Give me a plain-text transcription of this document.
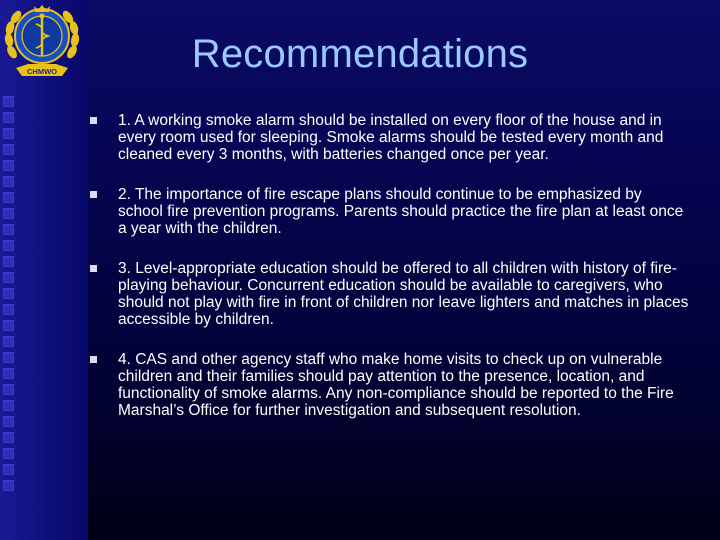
CHMWO	Recommendations
1. A working smoke alarm should be installed on every floor of the house and in every room used for sleeping. Smoke alarms should be tested every month and cleaned every 3 months, with batteries changed once per year.
2. The importance of fire escape plans should continue to be emphasized by school fire prevention programs. Parents should practice the fire plan at least once a year with the children.
3. Level-appropriate education should be offered to all children with history of fire-playing behaviour. Concurrent education should be available to caregivers, who should not play with fire in front of children nor leave lighters and matches in places accessible by children.
4. CAS and other agency staff who make home visits to check up on vulnerable children and their families should pay attention to the presence, location, and functionality of smoke alarms. Any non-compliance should be reported to the Fire Marshal’s Office for further investigation and subsequent resolution.
